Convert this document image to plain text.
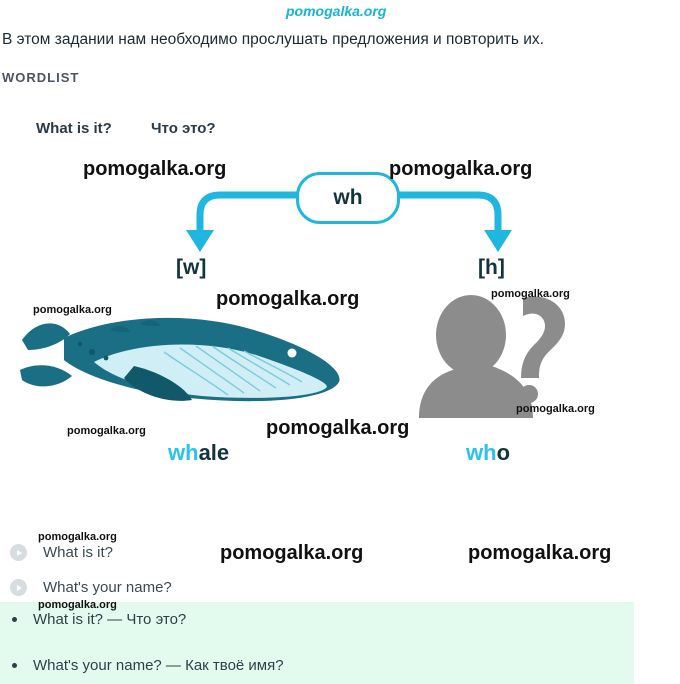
В этом задании нам необходимо прослушать предложения и повторить их.
WORDLIST
What is it?	Что это?
wh
[w]	[h]
whale	who
What is it?
What's your name?
What is it? — Что это?
What's your name? — Как твоё имя?
pomogalka.org
pomogalka.org	pomogalka.org
pomogalka.org
pomogalka.org
pomogalka.org
pomogalka.org
pomogalka.org
pomogalka.org
pomogalka.org
pomogalka.org	pomogalka.org
pomogalka.org
